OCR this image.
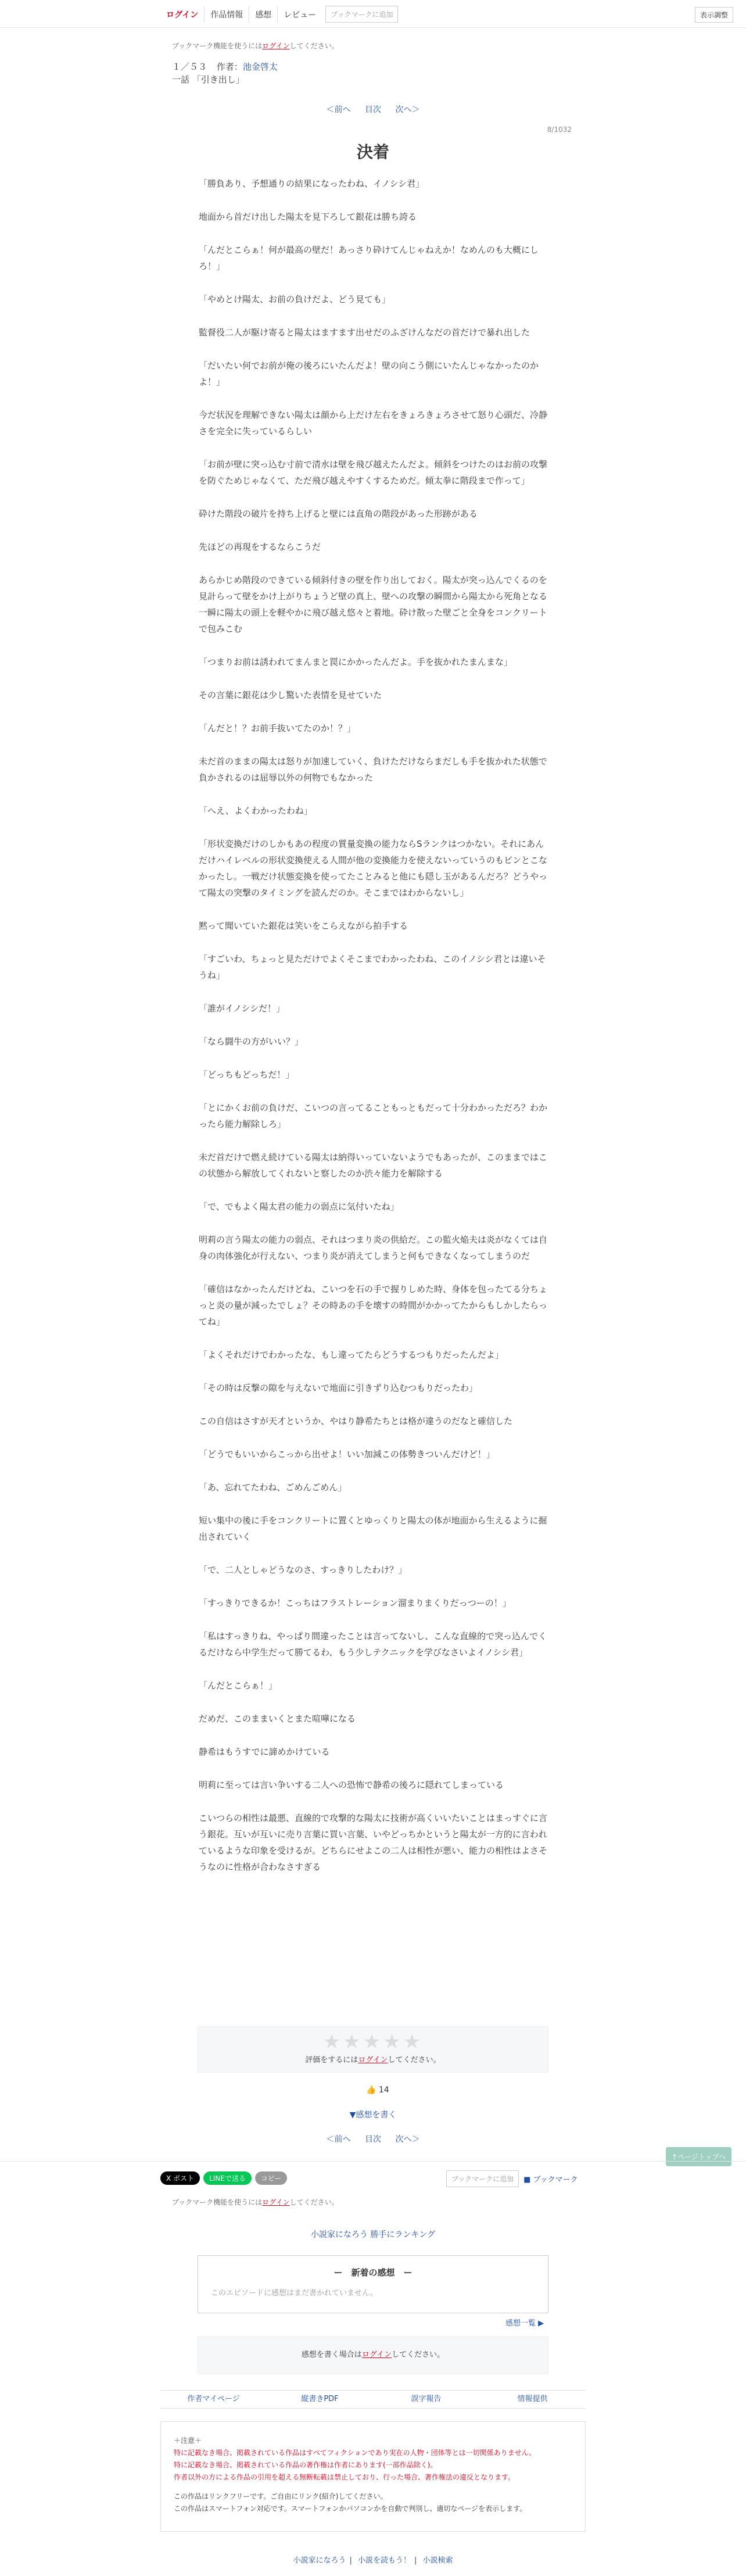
ログイン	作品情報	感想	レビュー	ブックマークに追加	表示調整
ブックマーク機能を使うにはログインしてください。
１／５３ 作者：池金啓太
一話 「引き出し」
＜前へ 目次 次へ＞
8/1032
決着

「勝負あり、予想通りの結果になったわね、イノシシ君」

地面から首だけ出した陽太を見下ろして銀花は勝ち誇る

「んだとこらぁ！何が最高の壁だ！あっさり砕けてんじゃねえか！なめんのも大概にしろ！」

「やめとけ陽太、お前の負けだよ、どう見ても」

監督役二人が駆け寄ると陽太はますます出せだのふざけんなだの首だけで暴れ出した

「だいたい何でお前が俺の後ろにいたんだよ！壁の向こう側にいたんじゃなかったのかよ！」

今だ状況を理解できない陽太は顔から上だけ左右をきょろきょろさせて怒り心頭だ、冷静さを完全に失っているらしい

「お前が壁に突っ込む寸前で清水は壁を飛び越えたんだよ。傾斜をつけたのはお前の攻撃を防ぐためじゃなくて、ただ飛び越えやすくするためだ。傾太拳に階段まで作って」

砕けた階段の破片を持ち上げると壁には直角の階段があった形跡がある

先ほどの再現をするならこうだ

あらかじめ階段のできている傾斜付きの壁を作り出しておく。陽太が突っ込んでくるのを見計らって壁をかけ上がりちょうど壁の真上、壁への攻撃の瞬間から陽太から死角となる一瞬に陽太の頭上を軽やかに飛び越え悠々と着地。砕け散った壁ごと全身をコンクリートで包みこむ

「つまりお前は誘われてまんまと罠にかかったんだよ。手を抜かれたまんまな」

その言葉に銀花は少し驚いた表情を見せていた

「んだと！？お前手抜いてたのか！？」

未だ首のままの陽太は怒りが加速していく、負けただけならまだしも手を抜かれた状態で負かされるのは屈辱以外の何物でもなかった

「へえ、よくわかったわね」

「形状変換だけのしかもあの程度の質量変換の能力ならSランクはつかない。それにあんだけハイレベルの形状変換使える人間が他の変換能力を使えないっていうのもピンとこなかったし。一戦だけ状態変換を使ってたことみると他にも隠し玉があるんだろ？どうやって陽太の突撃のタイミングを読んだのか。そこまではわからないし」

黙って聞いていた銀花は笑いをこらえながら拍手する

「すごいわ、ちょっと見ただけでよくそこまでわかったわね、このイノシシ君とは違いそうね」

「誰がイノシシだ！」

「なら闘牛の方がいい？」

「どっちもどっちだ！」

「とにかくお前の負けだ、こいつの言ってることもっともだって十分わかっただろ？わかったら能力解除しろ」

未だ首だけで燃え続けている陽太は納得いっていないようでもあったが、このままではこの状態から解放してくれないと察したのか渋々能力を解除する

「で、でもよく陽太君の能力の弱点に気付いたね」

明莉の言う陽太の能力の弱点、それはつまり炎の供給だ。この監火焔夫は炎がなくては自身の肉体強化が行えない、つまり炎が消えてしまうと何もできなくなってしまうのだ

「確信はなかったんだけどね、こいつを石の手で握りしめた時、身体を包ったてる分ちょっと炎の量が減ったでしょ？その時あの手を壊すの時間がかかってたからもしかしたらってね」

「よくそれだけでわかったな、もし違ってたらどうするつもりだったんだよ」

「その時は反撃の隙を与えないで地面に引きずり込むつもりだったわ」

この自信はさすが天才というか、やはり静希たちとは格が違うのだなと確信した

「どうでもいいからこっから出せよ！いい加減この体勢きついんだけど！」

「あ、忘れてたわね、ごめんごめん」

短い集中の後に手をコンクリートに置くとゆっくりと陽太の体が地面から生えるように掘出されていく

「で、二人としゃどうなのさ、すっきりしたわけ？」

「すっきりできるか！こっちはフラストレーション溜まりまくりだっつーの！」

「私はすっきりね、やっぱり間違ったことは言ってないし、こんな直線的で突っ込んでくるだけなら中学生だって勝てるわ、もう少しテクニックを学びなさいよイノシシ君」

「んだとこらぁ！」

だめだ、このままいくとまた喧嘩になる

静希はもうすでに諦めかけている

明莉に至っては言い争いする二人への恐怖で静希の後ろに隠れてしまっている

こいつらの相性は最悪、直線的で攻撃的な陽太に技術が高くいいたいことはまっすぐに言う銀花。互いが互いに売り言葉に買い言葉、いやどっちかというと陽太が一方的に言われているような印象を受けるが。どちらにせよこの二人は相性が悪い、能力の相性はよさそうなのに性格が合わなさすぎる

★★★★★
評価をするにはログインしてください。
👍 14
▼感想を書く
＜前へ 目次 次へ＞
↑ページトップへ
X ポスト	LINEで送る	コピー	ブックマークに追加	■ ブックマーク
ブックマーク機能を使うにはログインしてください。
小説家になろう 勝手にランキング
ー　新着の感想　ー
このエピソードに感想はまだ書かれていません。
感想一覧 ▶
感想を書く場合はログインしてください。
作者マイページ	縦書きPDF	誤字報告	情報提供
＋注意＋
特に記載なき場合、掲載されている作品はすべてフィクションであり実在の人物・団体等とは一切関係ありません。
特に記載なき場合、掲載されている作品の著作権は作者にあります(一部作品除く)。
作者以外の方による作品の引用を超える無断転載は禁止しており、行った場合、著作権法の違反となります。
この作品はリンクフリーです。ご自由にリンク(紹介)してください。
この作品はスマートフォン対応です。スマートフォンかパソコンかを自動で判別し、適切なページを表示します。
小説家になろう | 小説を読もう！ | 小説検索
